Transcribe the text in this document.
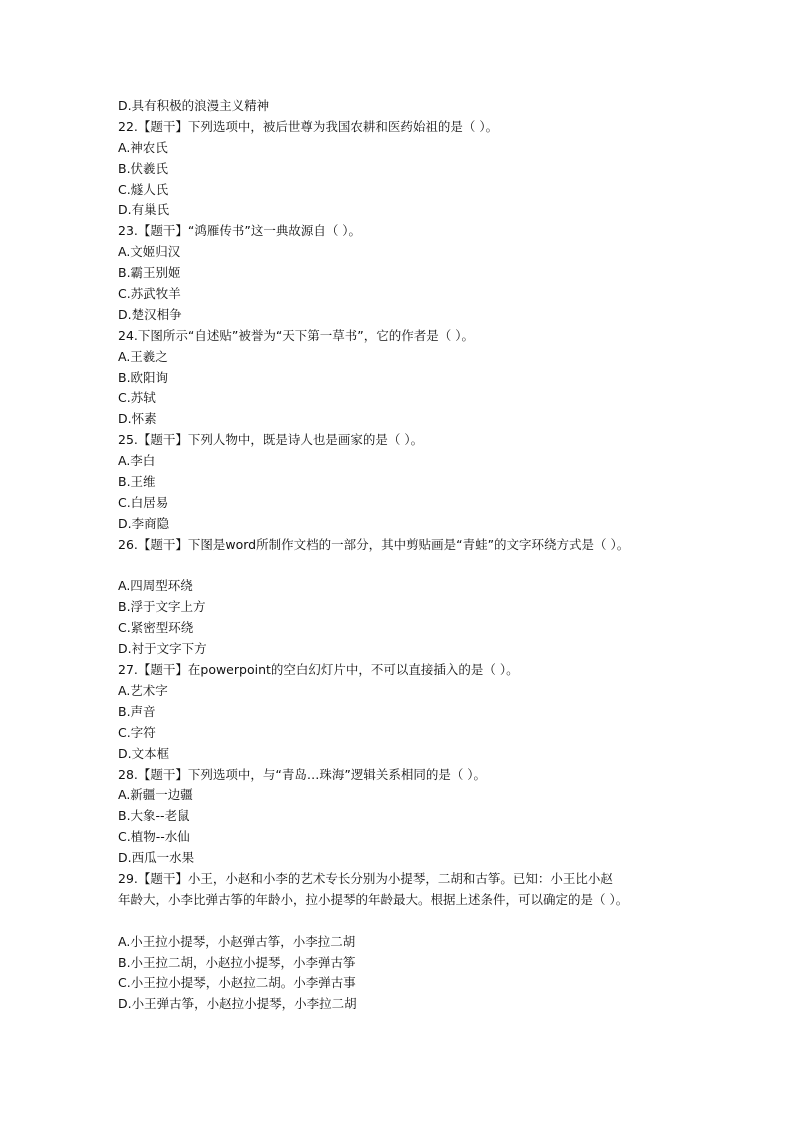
D.具有积极的浪漫主义精神
22.【题干】下列选项中，被后世尊为我国农耕和医药始祖的是（ ）。
A.神农氏
B.伏羲氏
C.燧人氏
D.有巢氏
23.【题干】“鸿雁传书”这一典故源自（ ）。
A.文姬归汉
B.霸王别姬
C.苏武牧羊
D.楚汉相争
24.下图所示“自述贴”被誉为“天下第一草书”，它的作者是（ ）。
A.王羲之
B.欧阳询
C.苏轼
D.怀素
25.【题干】下列人物中，既是诗人也是画家的是（ ）。
A.李白
B.王维
C.白居易
D.李商隐
26.【题干】下图是word所制作文档的一部分，其中剪贴画是“青蛙”的文字环绕方式是（ ）。
A.四周型环绕
B.浮于文字上方
C.紧密型环绕
D.衬于文字下方
27.【题干】在powerpoint的空白幻灯片中，不可以直接插入的是（ ）。
A.艺术字
B.声音
C.字符
D.文本框
28.【题干】下列选项中，与“青岛…珠海”逻辑关系相同的是（ ）。
A.新疆一边疆
B.大象--老鼠
C.植物--水仙
D.西瓜一水果
29.【题干】小王，小赵和小李的艺术专长分别为小提琴，二胡和古筝。已知：小王比小赵
年龄大，小李比弹古筝的年龄小，拉小提琴的年龄最大。根据上述条件，可以确定的是（ ）。
A.小王拉小提琴，小赵弹古筝，小李拉二胡
B.小王拉二胡，小赵拉小提琴，小李弹古筝
C.小王拉小提琴，小赵拉二胡。小李弹古事
D.小王弹古筝，小赵拉小提琴，小李拉二胡
